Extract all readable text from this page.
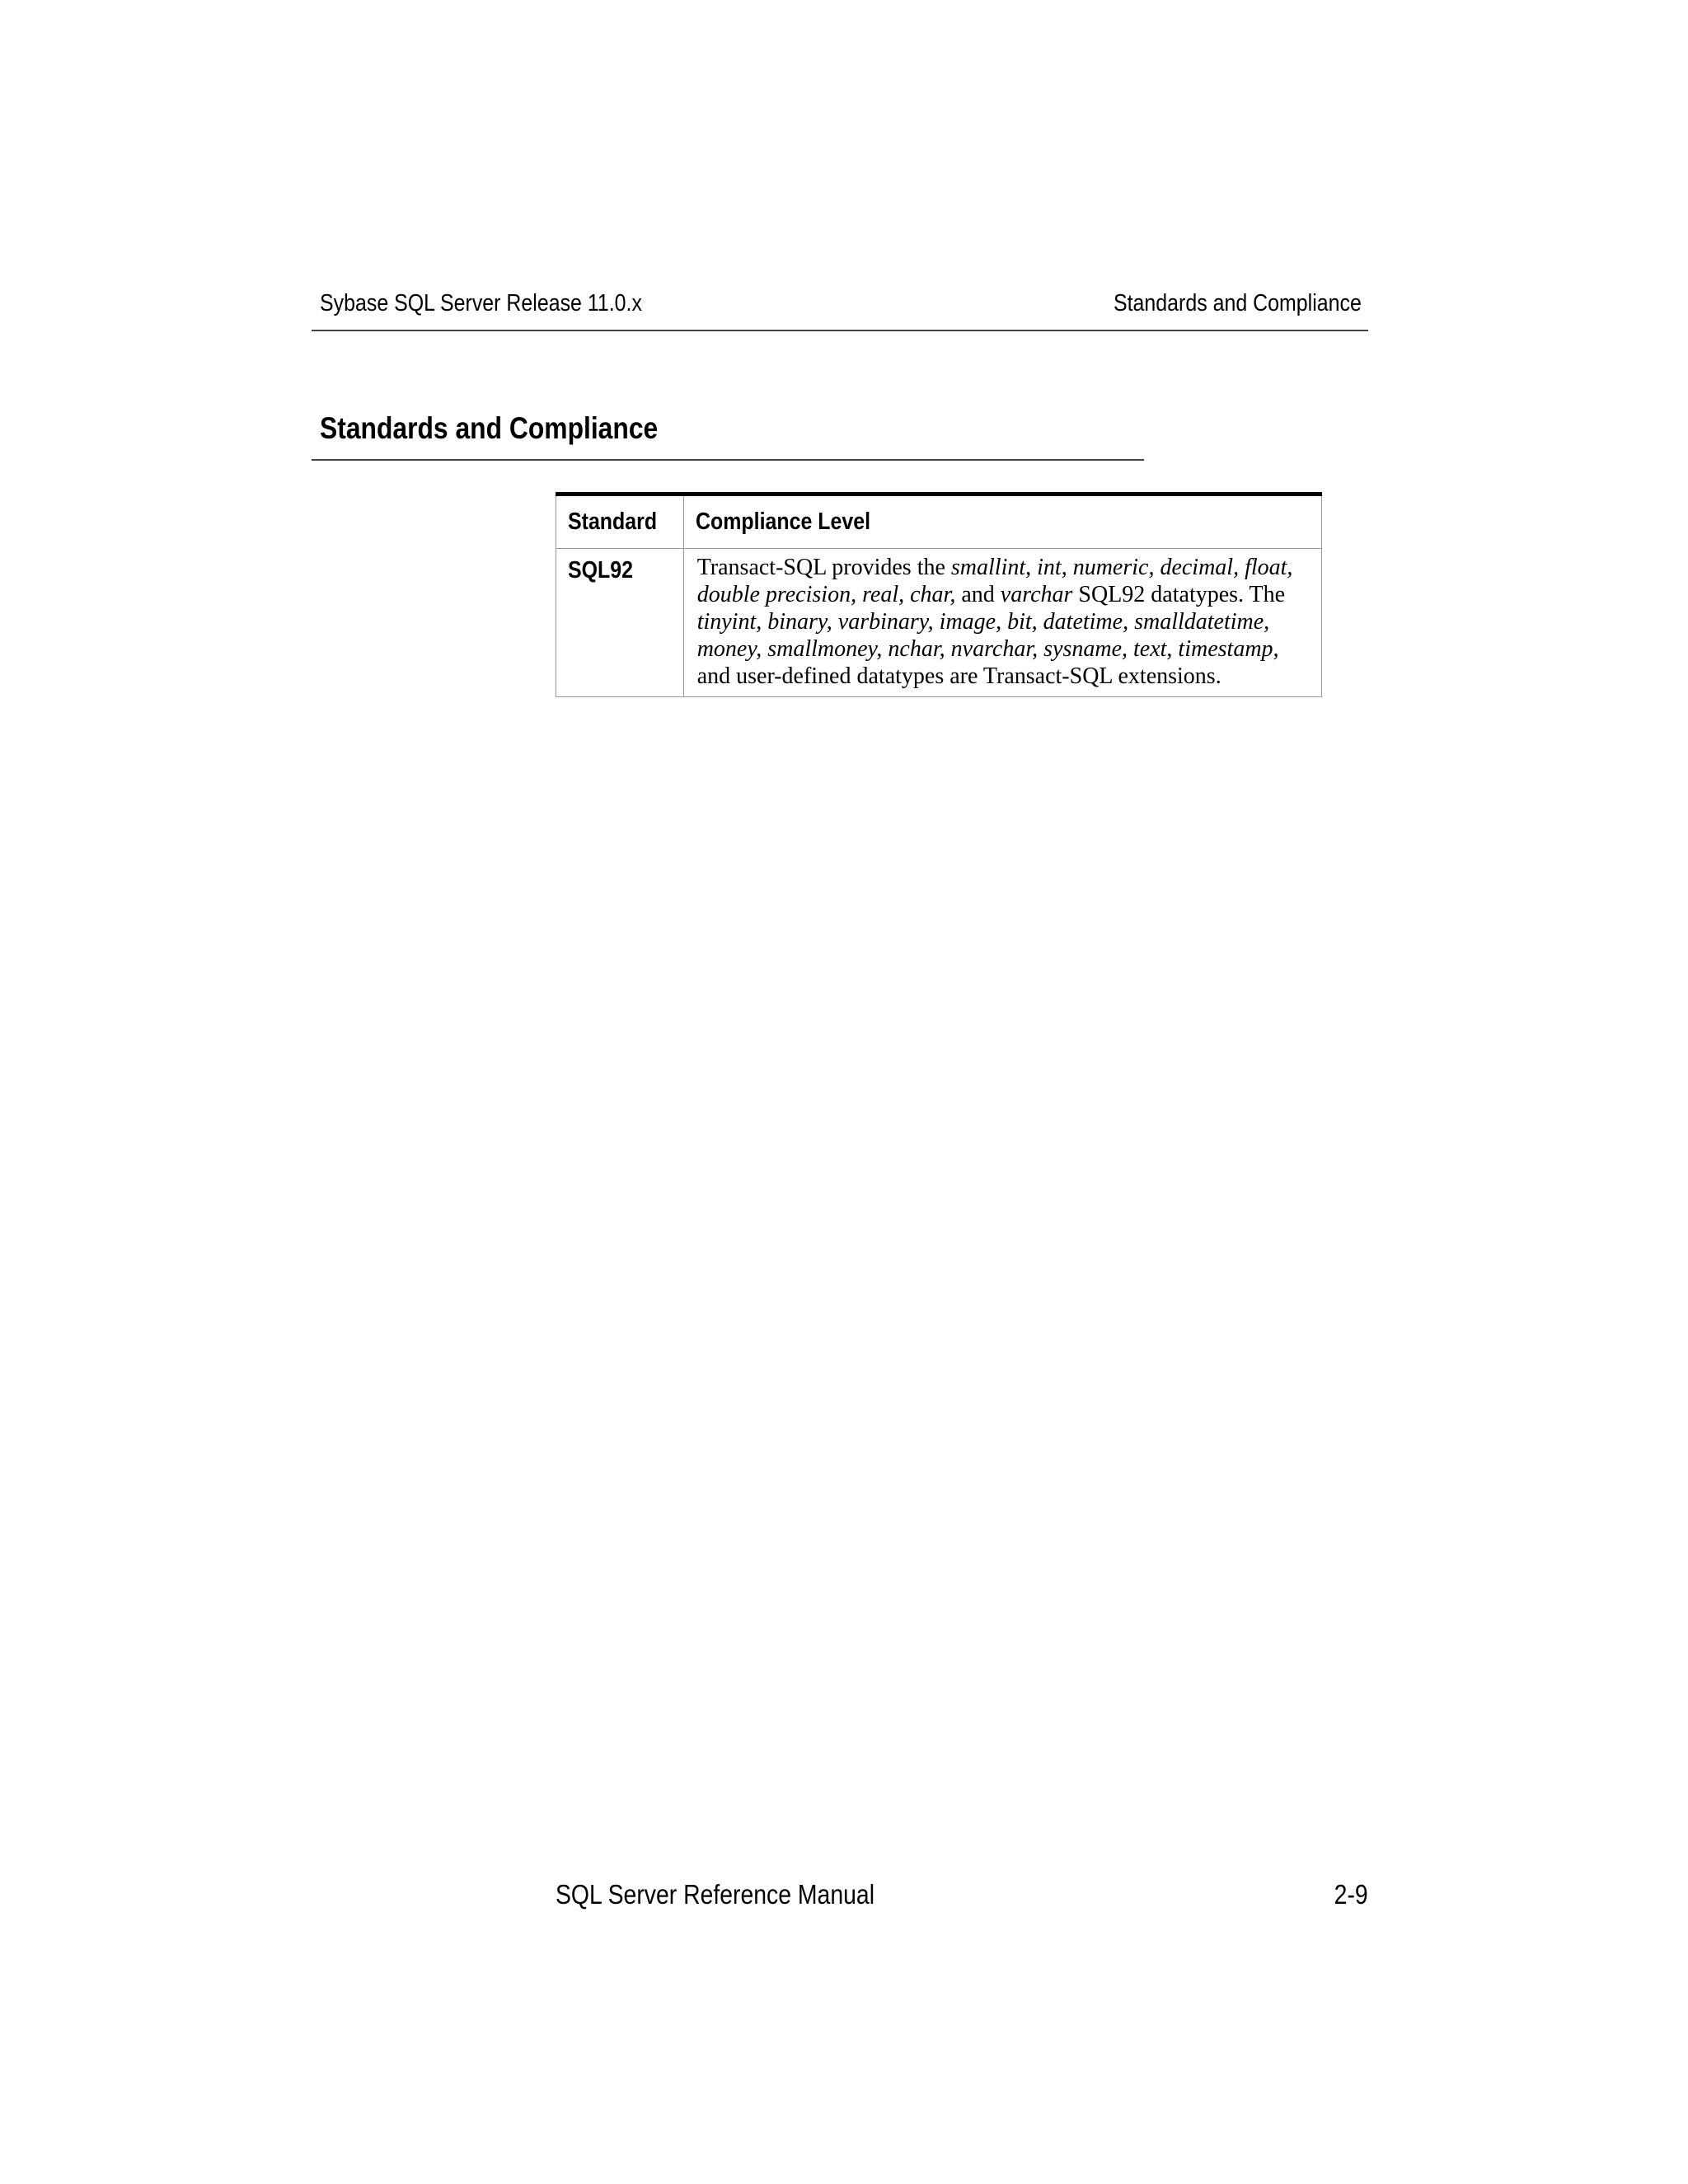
Sybase SQL Server Release 11.0.x	Standards and Compliance
Standards and Compliance
Standard	Compliance Level
SQL92	Transact-SQL provides the smallint, int, numeric, decimal, float, double precision, real, char, and varchar SQL92 datatypes. The tinyint, binary, varbinary, image, bit, datetime, smalldatetime, money, smallmoney, nchar, nvarchar, sysname, text, timestamp, and user-defined datatypes are Transact-SQL extensions.
SQL Server Reference Manual	2-9
